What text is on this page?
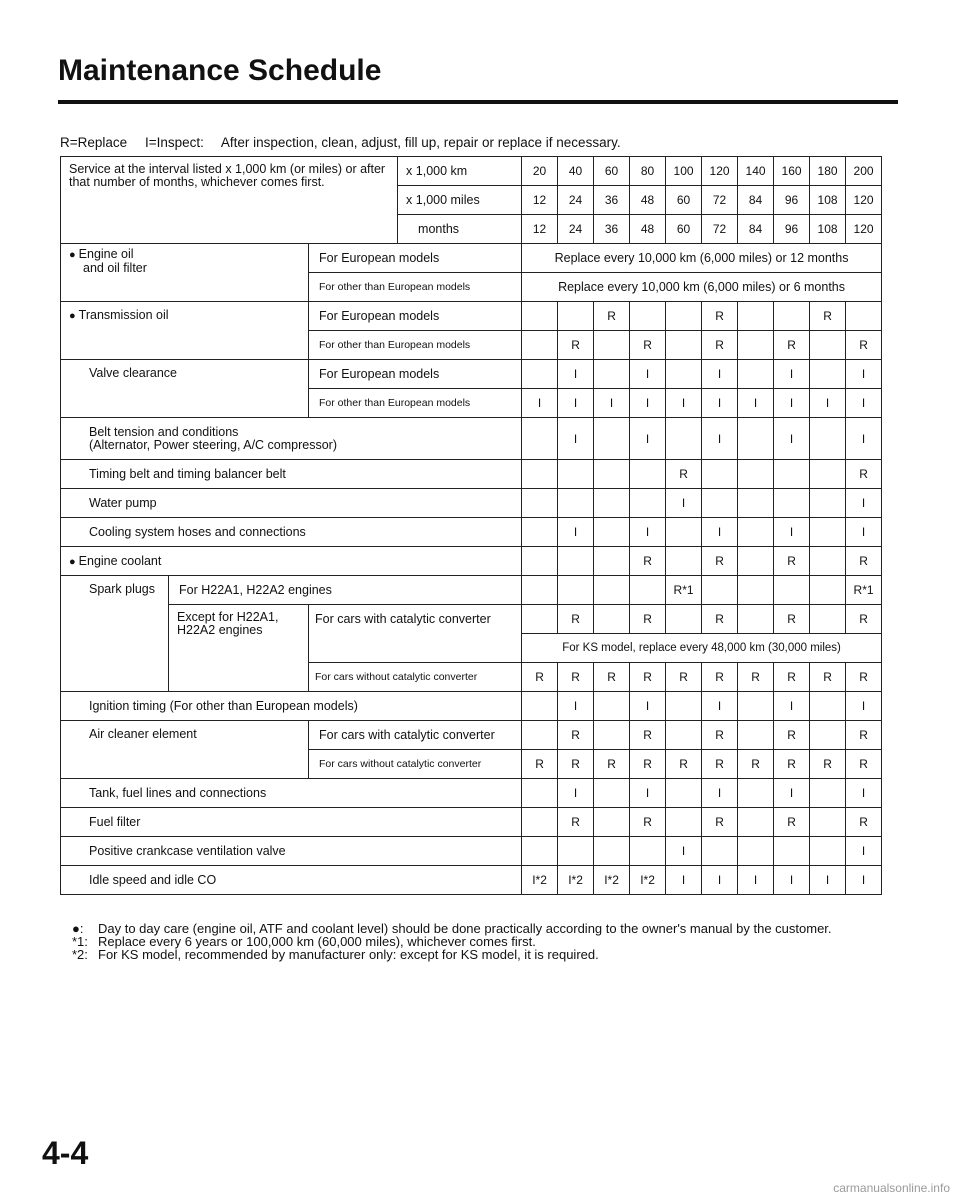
Maintenance Schedule
R=Replace I=Inspect: After inspection, clean, adjust, fill up, repair or replace if necessary.
Service at the interval listed x 1,000 km (or miles) or after that number of months, whichever comes first.			x 1,000 km	20	40	60	80	100	120	140	160	180	200
			x 1,000 miles	12	24	36	48	60	72	84	96	108	120
			months	12	24	36	48	60	72	84	96	108	120
● Engine oil
and oil filter		For European models		Replace every 10,000 km (6,000 miles) or 12 months									
		For other than European models		Replace every 10,000 km (6,000 miles) or 6 months									
● Transmission oil		For European models				R			R			R	
		For other than European models			R		R		R		R		R
Valve clearance		For European models			I		I		I		I		I
		For other than European models		I	I	I	I	I	I	I	I	I	I
Belt tension and conditions
(Alternator, Power steering, A/C compressor)					I		I		I		I		I
Timing belt and timing balancer belt								R					R
Water pump								I					I
Cooling system hoses and connections					I		I		I		I		I
● Engine coolant							R		R		R		R
Spark plugs	For H22A1, H22A2 engines							R*1					R*1
	Except for H22A1, H22A2 engines	For cars with catalytic converter			R		R		R		R		R
				For KS model, replace every 48,000 km (30,000 miles)									
		For cars without catalytic converter		R	R	R	R	R	R	R	R	R	R
Ignition timing (For other than European models)					I		I		I		I		I
Air cleaner element		For cars with catalytic converter			R		R		R		R		R
		For cars without catalytic converter		R	R	R	R	R	R	R	R	R	R
Tank, fuel lines and connections					I		I		I		I		I
Fuel filter					R		R		R		R		R
Positive crankcase ventilation valve								I					I
Idle speed and idle CO				I*2	I*2	I*2	I*2	I	I	I	I	I	I
●:	Day to day care (engine oil, ATF and coolant level) should be done practically according to the owner's manual by the customer.
*1: Replace every 6 years or 100,000 km (60,000 miles), whichever comes first.
*2: For KS model, recommended by manufacturer only: except for KS model, it is required.
4-4
carmanualsonline.info
